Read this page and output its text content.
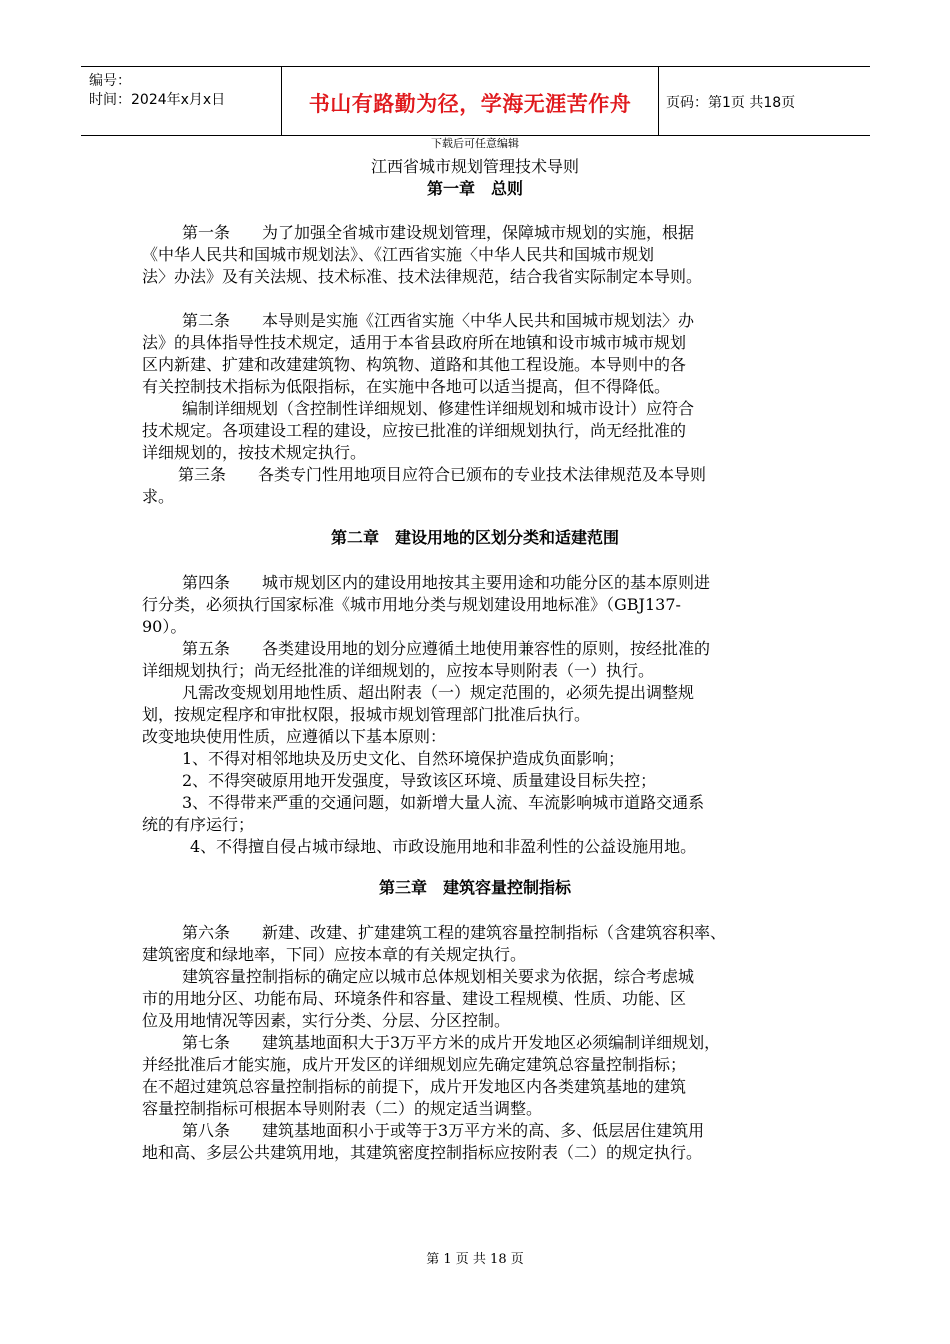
编号：
时间：2024年x月x日	书山有路勤为径，学海无涯苦作舟	页码：第1页 共18页
下载后可任意编辑
江西省城市规划管理技术导则
第一章　总则
第一条　　为了加强全省城市建设规划管理，保障城市规划的实施，根据
《中华人民共和国城市规划法》、《江西省实施〈中华人民共和国城市规划
法〉办法》及有关法规、技术标准、技术法律规范，结合我省实际制定本导则。
第二条　　本导则是实施《江西省实施〈中华人民共和国城市规划法〉办
法》的具体指导性技术规定，适用于本省县政府所在地镇和设市城市城市规划
区内新建、扩建和改建建筑物、构筑物、道路和其他工程设施。本导则中的各
有关控制技术指标为低限指标，在实施中各地可以适当提高，但不得降低。
编制详细规划（含控制性详细规划、修建性详细规划和城市设计）应符合
技术规定。各项建设工程的建设，应按已批准的详细规划执行，尚无经批准的
详细规划的，按技术规定执行。
第三条　　各类专门性用地项目应符合已颁布的专业技术法律规范及本导则
求。
第二章　建设用地的区划分类和适建范围
第四条　　城市规划区内的建设用地按其主要用途和功能分区的基本原则进
行分类，必须执行国家标准《城市用地分类与规划建设用地标准》（GBJ137-
90）。
第五条　　各类建设用地的划分应遵循土地使用兼容性的原则，按经批准的
详细规划执行；尚无经批准的详细规划的，应按本导则附表（一）执行。
凡需改变规划用地性质、超出附表（一）规定范围的，必须先提出调整规
划，按规定程序和审批权限，报城市规划管理部门批准后执行。
改变地块使用性质，应遵循以下基本原则：
1、不得对相邻地块及历史文化、自然环境保护造成负面影响；
2、不得突破原用地开发强度，导致该区环境、质量建设目标失控；
3、不得带来严重的交通问题，如新增大量人流、车流影响城市道路交通系
统的有序运行；
4、不得擅自侵占城市绿地、市政设施用地和非盈利性的公益设施用地。
第三章　建筑容量控制指标
第六条　　新建、改建、扩建建筑工程的建筑容量控制指标（含建筑容积率、
建筑密度和绿地率，下同）应按本章的有关规定执行。
建筑容量控制指标的确定应以城市总体规划相关要求为依据，综合考虑城
市的用地分区、功能布局、环境条件和容量、建设工程规模、性质、功能、区
位及用地情况等因素，实行分类、分层、分区控制。
第七条　　建筑基地面积大于3万平方米的成片开发地区必须编制详细规划，
并经批准后才能实施，成片开发区的详细规划应先确定建筑总容量控制指标；
在不超过建筑总容量控制指标的前提下，成片开发地区内各类建筑基地的建筑
容量控制指标可根据本导则附表（二）的规定适当调整。
第八条　　建筑基地面积小于或等于3万平方米的高、多、低层居住建筑用
地和高、多层公共建筑用地，其建筑密度控制指标应按附表（二）的规定执行。
第 1 页 共 18 页
